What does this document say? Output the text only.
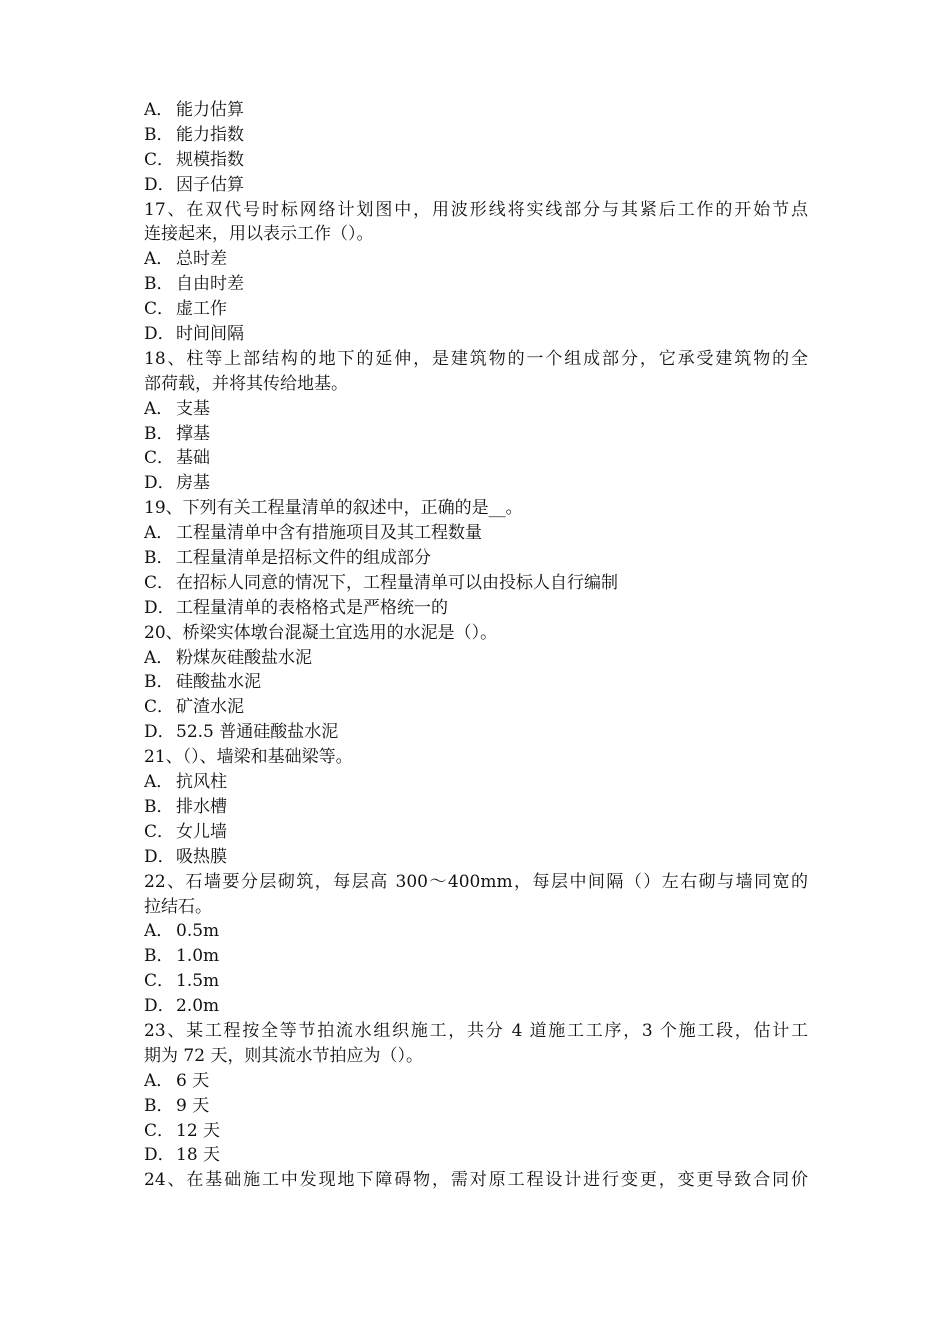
A． 能力估算
B． 能力指数
C． 规模指数
D．因子估算
17、在双代号时标网络计划图中，用波形线将实线部分与其紧后工作的开始节点
连接起来，用以表示工作（）。
A． 总时差
B． 自由时差
C． 虚工作
D．时间间隔
18、柱等上部结构的地下的延伸，是建筑物的一个组成部分，它承受建筑物的全
部荷载，并将其传给地基。
A． 支基
B． 撑基
C． 基础
D．房基
19、下列有关工程量清单的叙述中，正确的是__。
A． 工程量清单中含有措施项目及其工程数量
B． 工程量清单是招标文件的组成部分
C． 在招标人同意的情况下，工程量清单可以由投标人自行编制
D．工程量清单的表格格式是严格统一的
20、桥梁实体墩台混凝土宜选用的水泥是（）。
A． 粉煤灰硅酸盐水泥
B． 硅酸盐水泥
C． 矿渣水泥
D．52.5 普通硅酸盐水泥
21、（）、墙梁和基础梁等。
A． 抗风柱
B． 排水槽
C． 女儿墙
D．吸热膜
22、石墙要分层砌筑，每层高 300～400mm，每层中间隔（）左右砌与墙同宽的
拉结石。
A． 0.5m
B． 1.0m
C． 1.5m
D．2.0m
23、某工程按全等节拍流水组织施工，共分 4 道施工工序，3 个施工段，估计工
期为 72 天，则其流水节拍应为（）。
A． 6 天
B． 9 天
C． 12 天
D．18 天
24、在基础施工中发现地下障碍物，需对原工程设计进行变更，变更导致合同价
